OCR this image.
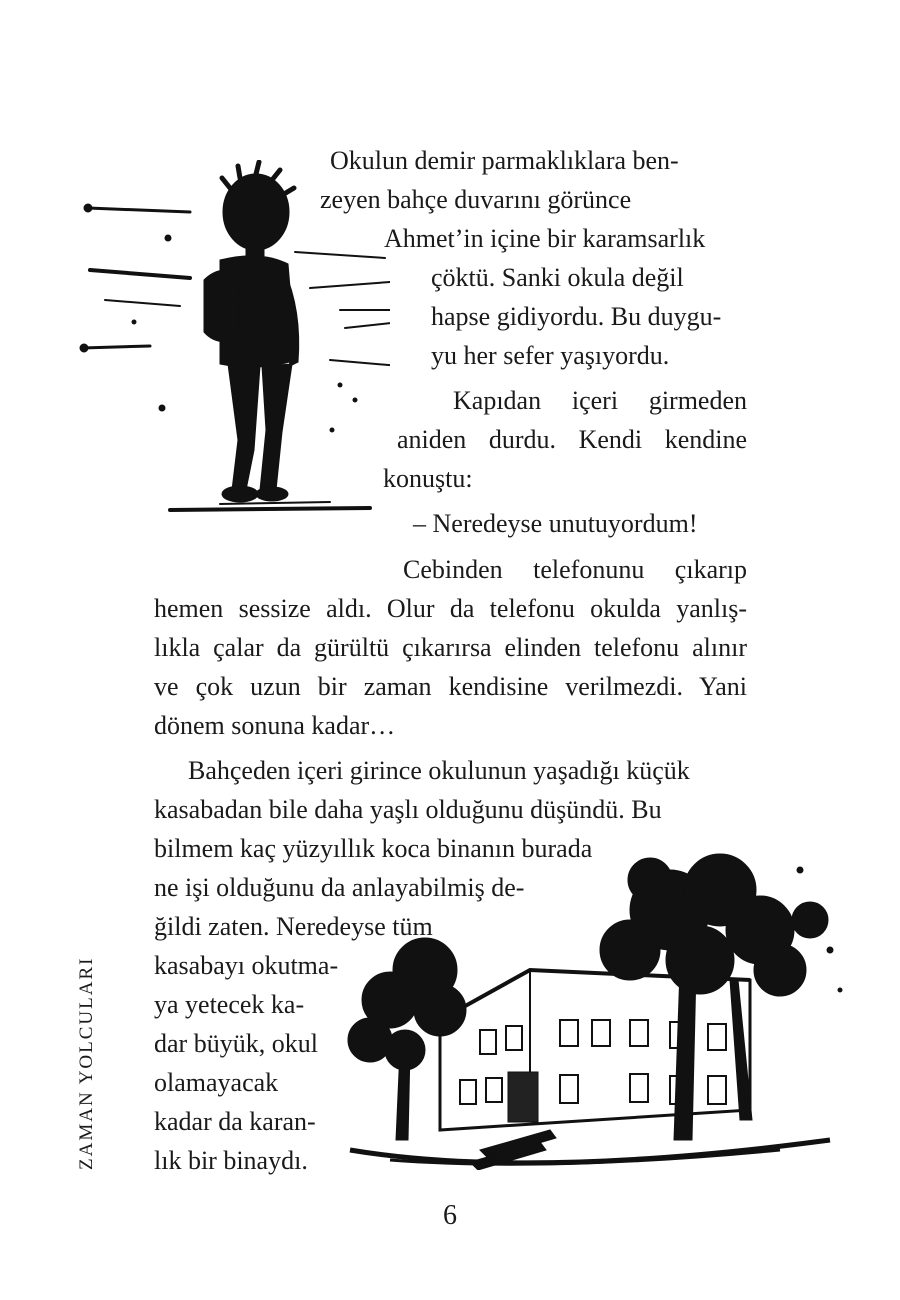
Okulun demir parmaklıklara ben-
zeyen bahçe duvarını görünce
Ahmet’in içine bir karamsarlık
çöktü. Sanki okula değil
hapse gidiyordu. Bu duygu-
yu her sefer yaşıyordu.
Kapıdan içeri girmeden
aniden durdu. Kendi kendine
konuştu:
– Neredeyse unutuyordum!
Cebinden telefonunu çıkarıp
hemen sessize aldı. Olur da telefonu okulda yanlış-
lıkla çalar da gürültü çıkarırsa elinden telefonu alınır
ve çok uzun bir zaman kendisine verilmezdi. Yani
dönem sonuna kadar…
Bahçeden içeri girince okulunun yaşadığı küçük
kasabadan bile daha yaşlı olduğunu düşündü. Bu
bilmem kaç yüzyıllık koca binanın burada
ne işi olduğunu da anlayabilmiş de-
ğildi zaten. Neredeyse tüm
kasabayı okutma-
ya yetecek ka-
dar büyük, okul
olamayacak
kadar da karan-
lık bir binaydı.
ZAMAN YOLCULARI
6
